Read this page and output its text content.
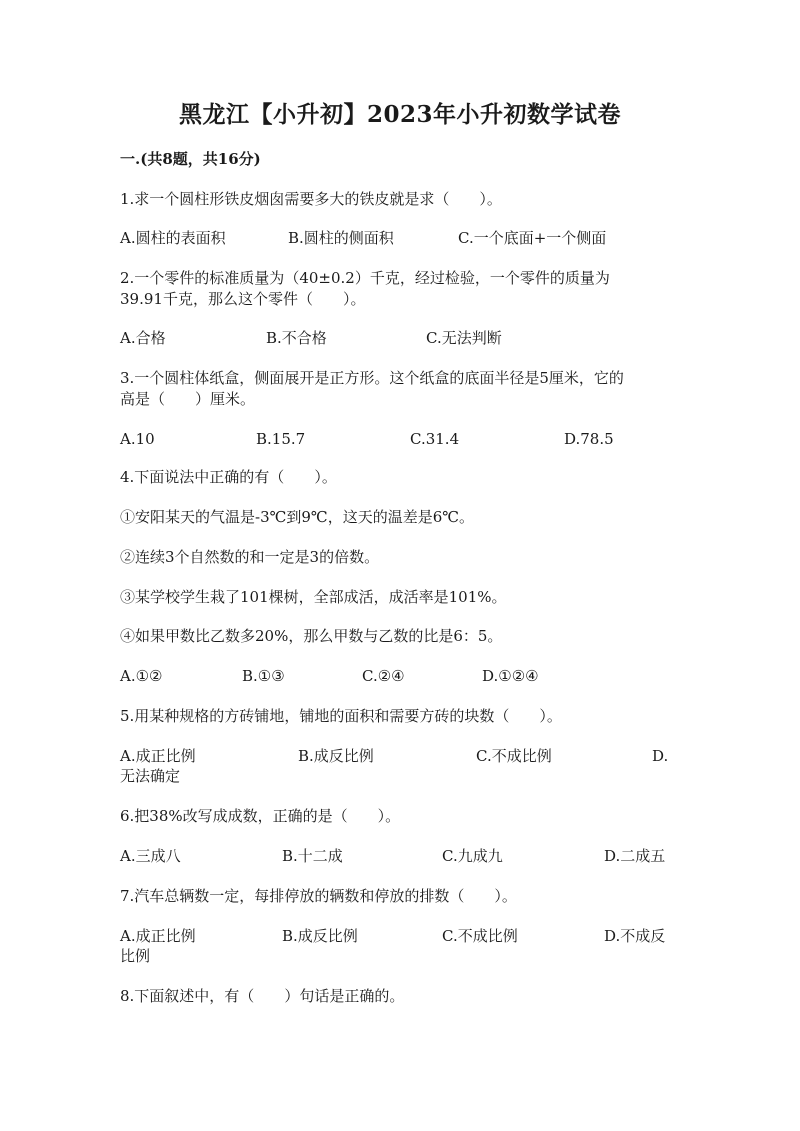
黑龙江【小升初】2023年小升初数学试卷
一.(共8题，共16分)
1.求一个圆柱形铁皮烟囱需要多大的铁皮就是求（　　）。
A.圆柱的表面积	B.圆柱的侧面积	C.一个底面+一个侧面
2.一个零件的标准质量为（40±0.2）千克，经过检验，一个零件的质量为
39.91千克，那么这个零件（　　）。
A.合格	B.不合格	C.无法判断
3.一个圆柱体纸盒，侧面展开是正方形。这个纸盒的底面半径是5厘米，它的
高是（　　）厘米。
A.10	B.15.7	C.31.4	D.78.5
4.下面说法中正确的有（　　）。
①安阳某天的气温是-3℃到9℃，这天的温差是6℃。
②连续3个自然数的和一定是3的倍数。
③某学校学生栽了101棵树，全部成活，成活率是101%。
④如果甲数比乙数多20%，那么甲数与乙数的比是6：5。
A.①②	B.①③	C.②④	D.①②④
5.用某种规格的方砖铺地，铺地的面积和需要方砖的块数（　　）。
A.成正比例	B.成反比例	C.不成比例	D.
无法确定
6.把38%改写成成数，正确的是（　　）。
A.三成八	B.十二成	C.九成九	D.二成五
7.汽车总辆数一定，每排停放的辆数和停放的排数（　　）。
A.成正比例	B.成反比例	C.不成比例	D.不成反
比例
8.下面叙述中，有（　　）句话是正确的。
